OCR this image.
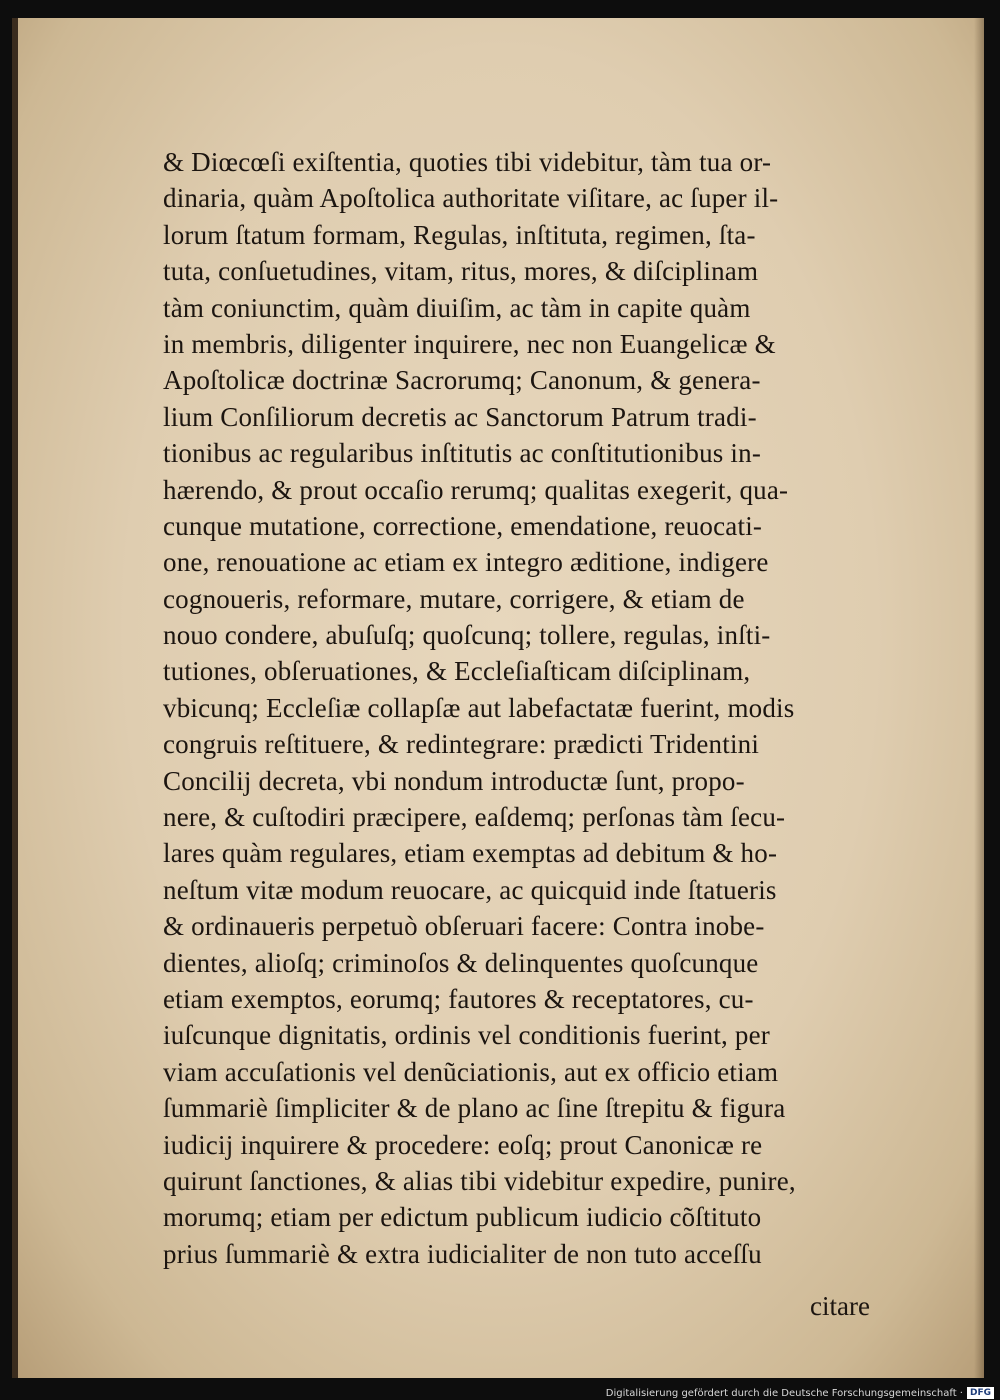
& Diœcœſi exiſtentia, quoties tibi videbitur, tàm tua or-
dinaria, quàm Apoſtolica authoritate viſitare, ac ſuper il-
lorum ſtatum formam, Regulas, inſtituta, regimen, ſta-
tuta, conſuetudines, vitam, ritus, mores, & diſciplinam
tàm coniunctim, quàm diuiſim, ac tàm in capite quàm
in membris, diligenter inquirere, nec non Euangelicæ &
Apoſtolicæ doctrinæ Sacrorumq; Canonum, & genera-
lium Conſiliorum decretis ac Sanctorum Patrum tradi-
tionibus ac regularibus inſtitutis ac conſtitutionibus in-
hærendo, & prout occaſio rerumq; qualitas exegerit, qua-
cunque mutatione, correctione, emendatione, reuocati-
one, renouatione ac etiam ex integro æditione, indigere
cognoueris, reformare, mutare, corrigere, & etiam de
nouo condere, abuſuſq; quoſcunq; tollere, regulas, inſti-
tutiones, obſeruationes, & Eccleſiaſticam diſciplinam,
vbicunq; Eccleſiæ collapſæ aut labefactatæ fuerint, modis
congruis reſtituere, & redintegrare: prædicti Tridentini
Concilij decreta, vbi nondum introductæ ſunt, propo-
nere, & cuſtodiri præcipere, eaſdemq; perſonas tàm ſecu-
lares quàm regulares, etiam exemptas ad debitum & ho-
neſtum vitæ modum reuocare, ac quicquid inde ſtatueris
& ordinaueris perpetuò obſeruari facere: Contra inobe-
dientes, alioſq; criminoſos & delinquentes quoſcunque
etiam exemptos, eorumq; fautores & receptatores, cu-
iuſcunque dignitatis, ordinis vel conditionis fuerint, per
viam accuſationis vel denũciationis, aut ex officio etiam
ſummariè ſimpliciter & de plano ac ſine ſtrepitu & figura
iudicij inquirere & procedere: eoſq; prout Canonicæ re
quirunt ſanctiones, & alias tibi videbitur expedire, punire,
morumq; etiam per edictum publicum iudicio cõſtituto
prius ſummariè & extra iudicialiter de non tuto acceſſu
citare
Digitalisierung gefördert durch die Deutsche Forschungsgemeinschaft · DFG
